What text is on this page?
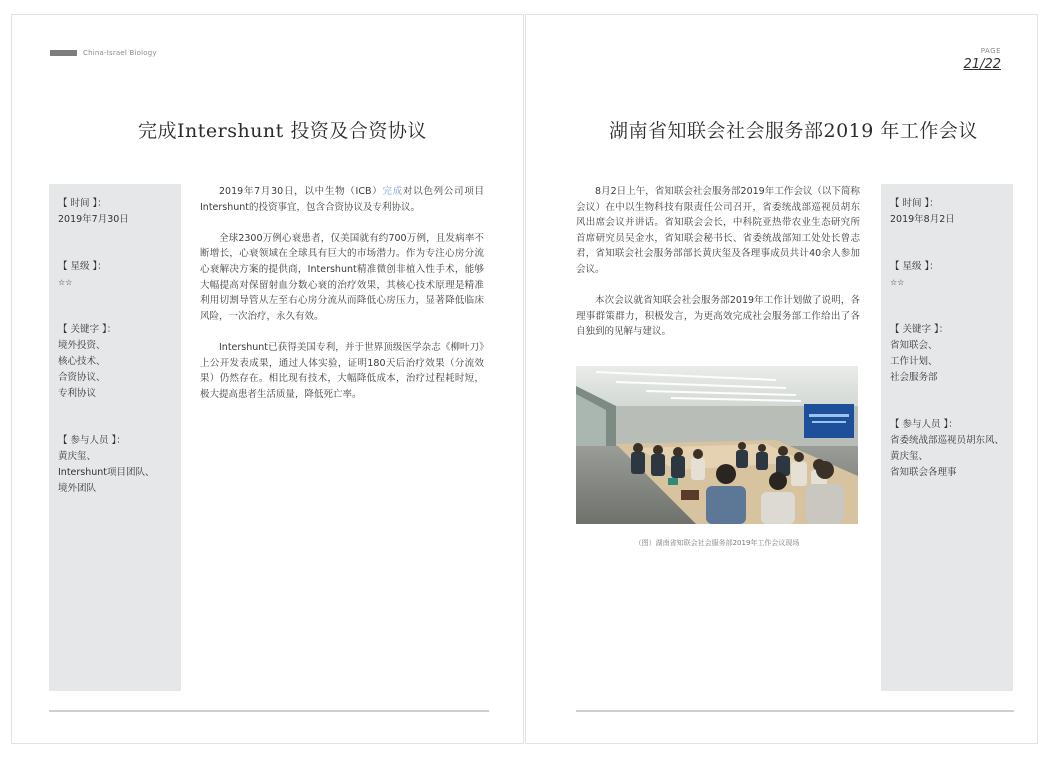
China-Israel Biology
完成Intershunt 投资及合资协议
【 时间 】：
2019年7月30日
【 星级 】：
☆☆
【 关键字 】：
境外投资、
核心技术、
合资协议、
专利协议
【 参与人员 】：
黄庆玺、
Intershunt项目团队、
境外团队

2019年7月30日，以中生物（ICB）完成对以色列公司项目Intershunt的投资事宜，包含合资协议及专利协议。

全球2300万例心衰患者，仅美国就有约700万例，且发病率不断增长，心衰领域在全球具有巨大的市场潜力。作为专注心房分流心衰解决方案的提供商，Intershunt精准微创非植入性手术，能够大幅提高对保留射血分数心衰的治疗效果，其核心技术原理是精准利用切割导管从左至右心房分流从而降低心房压力，显著降低临床风险，一次治疗，永久有效。

Intershunt已获得美国专利，并于世界顶级医学杂志《柳叶刀》上公开发表成果，通过人体实验，证明180天后治疗效果（分流效果）仍然存在。相比现有技术，大幅降低成本，治疗过程耗时短，极大提高患者生活质量，降低死亡率。

PAGE
21/22
湖南省知联会社会服务部2019 年工作会议

8月2日上午，省知联会社会服务部2019年工作会议（以下简称会议）在中以生物科技有限责任公司召开，省委统战部巡视员胡东风出席会议并讲话。省知联会会长，中科院亚热带农业生态研究所首席研究员吴金水，省知联会秘书长、省委统战部知工处处长曾志君，省知联会社会服务部部长黄庆玺及各理事成员共计40余人参加会议。

本次会议就省知联会社会服务部2019年工作计划做了说明，各理事群策群力，积极发言，为更高效完成社会服务部工作给出了各自独到的见解与建议。

（图）湖南省知联会社会服务部2019年工作会议现场
【 时间 】：
2019年8月2日
【 星级 】：
☆☆
【 关键字 】：
省知联会、
工作计划、
社会服务部
【 参与人员 】：
省委统战部巡视员胡东风、
黄庆玺、
省知联会各理事
